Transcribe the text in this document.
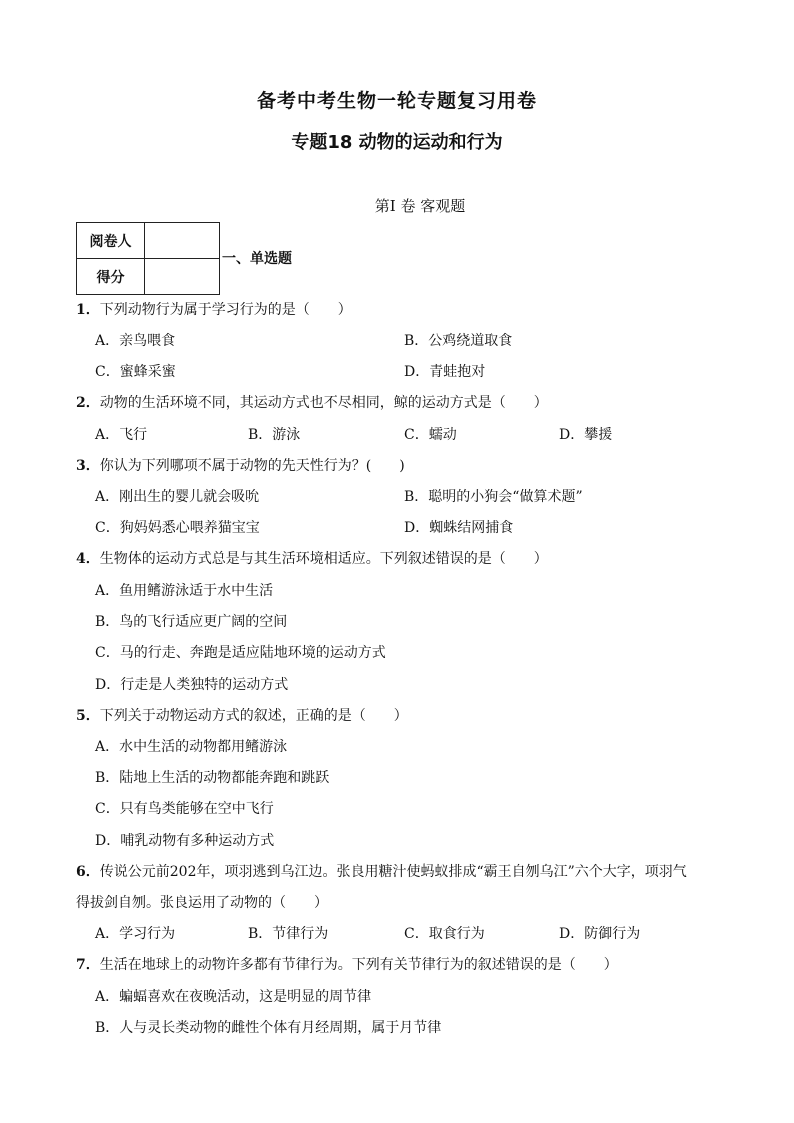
备考中考生物一轮专题复习用卷
专题18 动物的运动和行为
第I 卷 客观题
阅卷人	
得分	
一、单选题
1．下列动物行为属于学习行为的是（　　）
A．亲鸟喂食	B．公鸡绕道取食
C．蜜蜂采蜜	D．青蛙抱对
2．动物的生活环境不同，其运动方式也不尽相同，鲸的运动方式是（　　）
A．飞行	B．游泳	C．蠕动	D．攀援
3．你认为下列哪项不属于动物的先天性行为？(　　)
A．刚出生的婴儿就会吸吮	B．聪明的小狗会“做算术题”
C．狗妈妈悉心喂养猫宝宝	D．蜘蛛结网捕食
4．生物体的运动方式总是与其生活环境相适应。下列叙述错误的是（　　）
A．鱼用鳍游泳适于水中生活
B．鸟的飞行适应更广阔的空间
C．马的行走、奔跑是适应陆地环境的运动方式
D．行走是人类独特的运动方式
5．下列关于动物运动方式的叙述，正确的是（　　）
A．水中生活的动物都用鳍游泳
B．陆地上生活的动物都能奔跑和跳跃
C．只有鸟类能够在空中飞行
D．哺乳动物有多种运动方式
6．传说公元前202年，项羽逃到乌江边。张良用糖汁使蚂蚁排成“霸王自刎乌江”六个大字，项羽气
得拔剑自刎。张良运用了动物的（　　）
A．学习行为	B．节律行为	C．取食行为	D．防御行为
7．生活在地球上的动物许多都有节律行为。下列有关节律行为的叙述错误的是（　　）
A．蝙蝠喜欢在夜晚活动，这是明显的周节律
B．人与灵长类动物的雌性个体有月经周期，属于月节律
